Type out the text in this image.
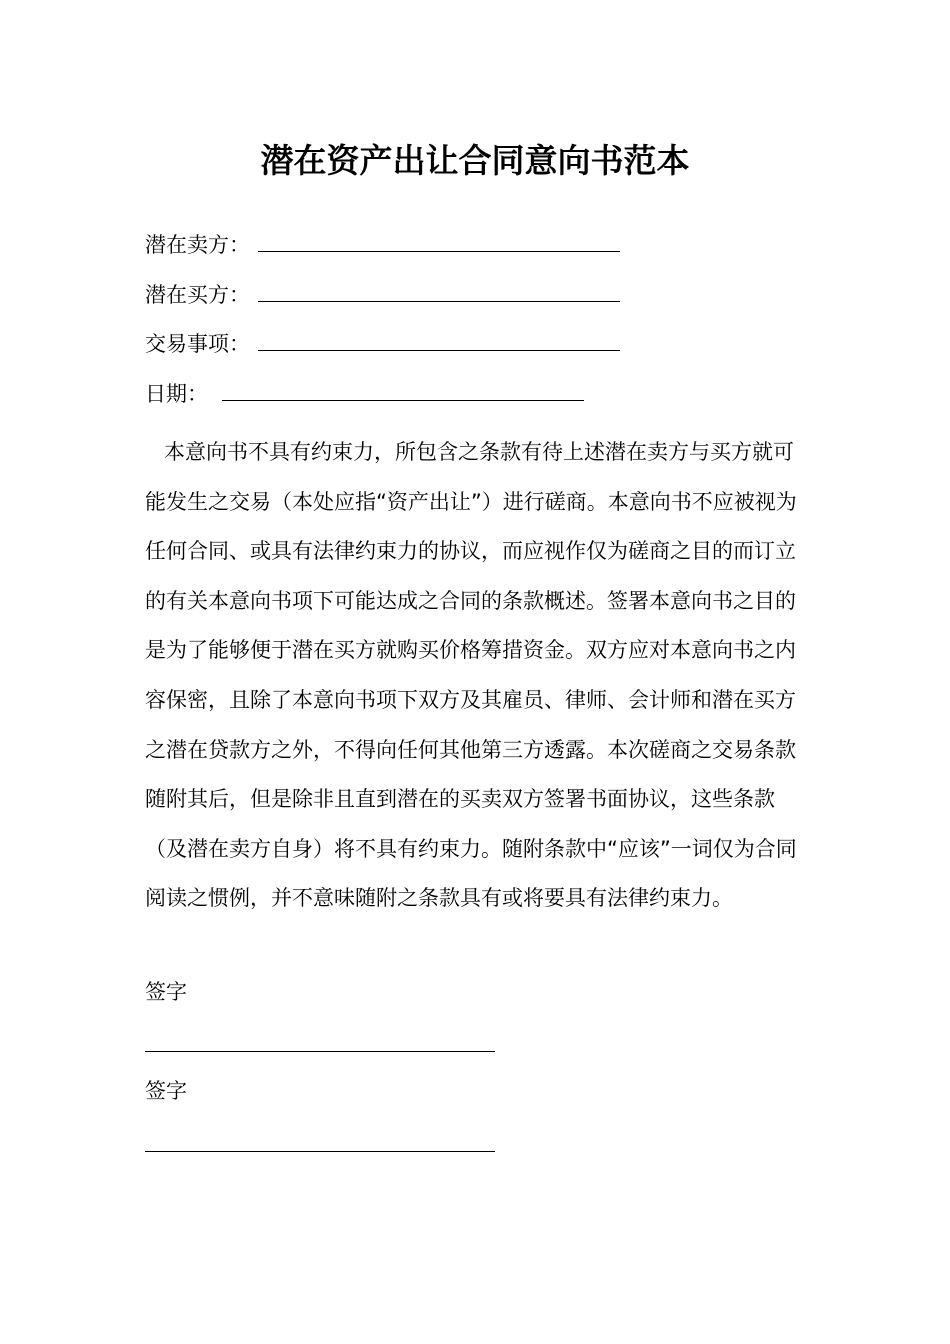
潜在资产出让合同意向书范本
潜在卖方：
潜在买方：
交易事项：
日期：

本意向书不具有约束力，所包含之条款有待上述潜在卖方与买方就可能发生之交易（本处应指“资产出让”）进行磋商。本意向书不应被视为任何合同、或具有法律约束力的协议，而应视作仅为磋商之目的而订立的有关本意向书项下可能达成之合同的条款概述。签署本意向书之目的是为了能够便于潜在买方就购买价格筹措资金。双方应对本意向书之内容保密，且除了本意向书项下双方及其雇员、律师、会计师和潜在买方之潜在贷款方之外，不得向任何其他第三方透露。本次磋商之交易条款随附其后，但是除非且直到潜在的买卖双方签署书面协议，这些条款（及潜在卖方自身）将不具有约束力。随附条款中“应该”一词仅为合同阅读之惯例，并不意味随附之条款具有或将要具有法律约束力。

签字
签字
